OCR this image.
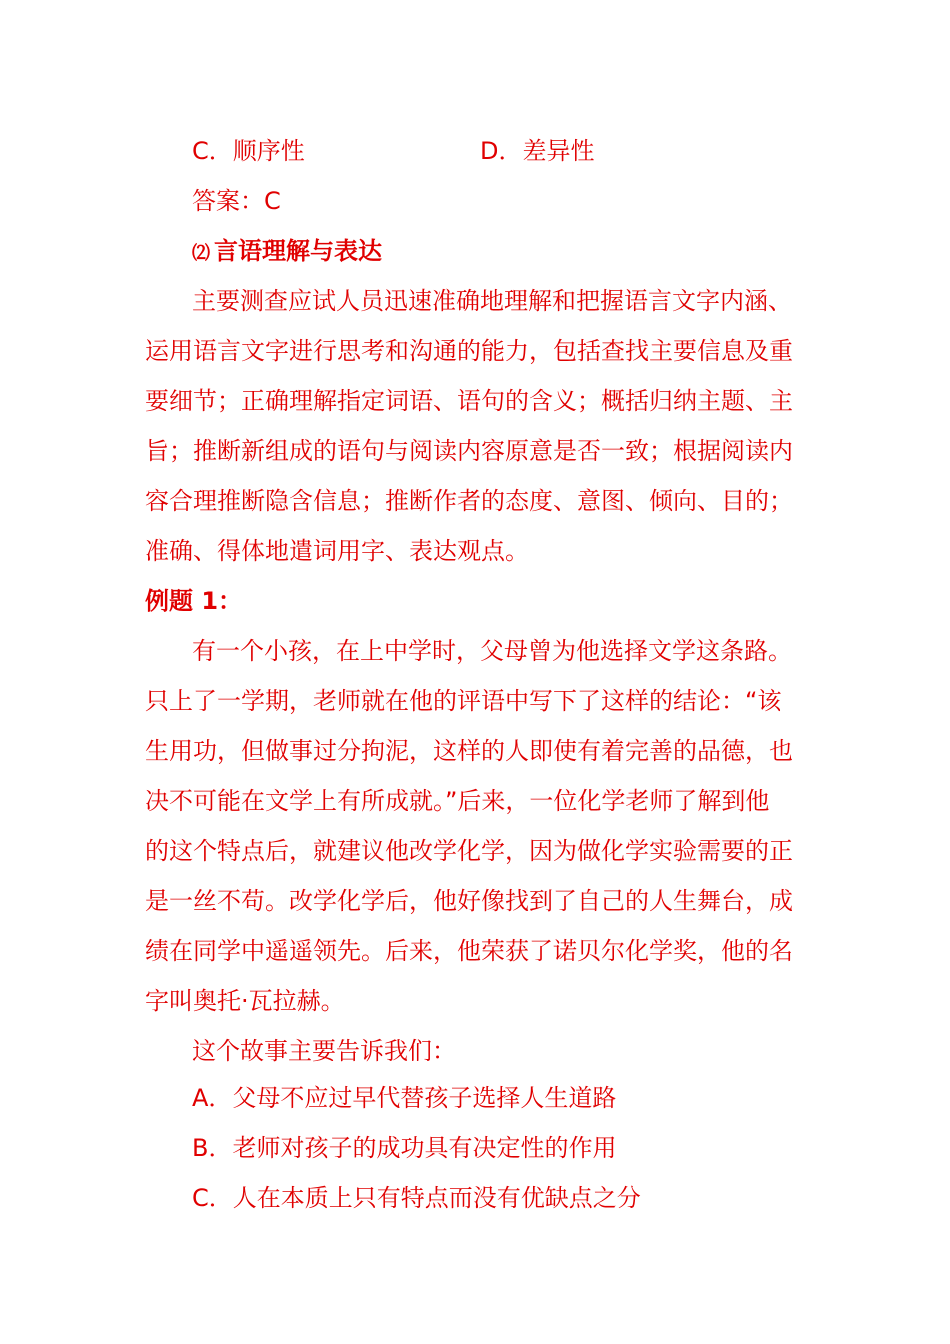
C．顺序性	D．差异性
答案：C
⑵ 言语理解与表达
主要测查应试人员迅速准确地理解和把握语言文字内涵、
运用语言文字进行思考和沟通的能力，包括查找主要信息及重
要细节；正确理解指定词语、语句的含义；概括归纳主题、主
旨；推断新组成的语句与阅读内容原意是否一致；根据阅读内
容合理推断隐含信息；推断作者的态度、意图、倾向、目的；
准确、得体地遣词用字、表达观点。
例题 1：
有一个小孩，在上中学时，父母曾为他选择文学这条路。
只上了一学期，老师就在他的评语中写下了这样的结论：“该
生用功，但做事过分拘泥，这样的人即使有着完善的品德，也
决不可能在文学上有所成就。”后来，一位化学老师了解到他
的这个特点后，就建议他改学化学，因为做化学实验需要的正
是一丝不苟。改学化学后，他好像找到了自己的人生舞台，成
绩在同学中遥遥领先。后来，他荣获了诺贝尔化学奖，他的名
字叫奥托·瓦拉赫。
这个故事主要告诉我们：
A．父母不应过早代替孩子选择人生道路
B．老师对孩子的成功具有决定性的作用
C．人在本质上只有特点而没有优缺点之分
